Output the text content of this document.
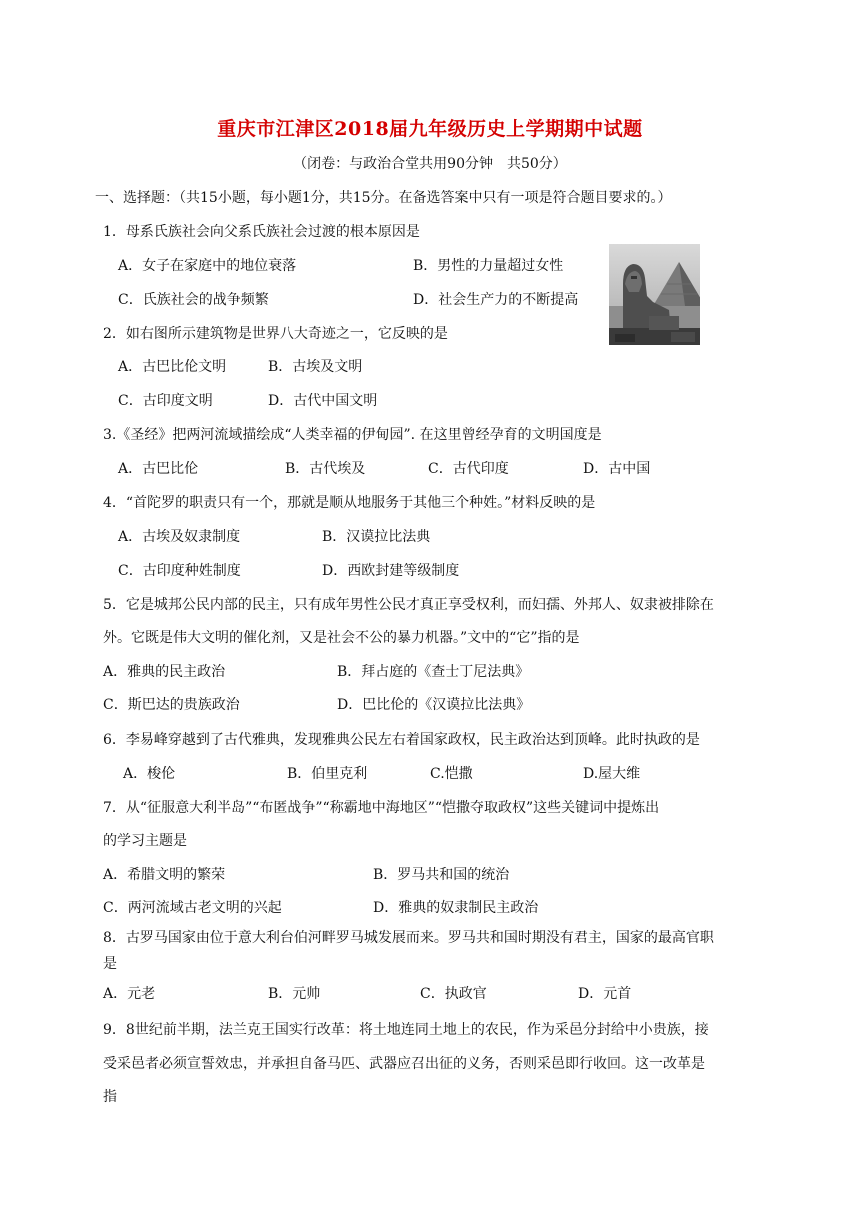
重庆市江津区2018届九年级历史上学期期中试题
（闭卷：与政治合堂共用90分钟　共50分）
一、选择题：（共15小题，每小题1分，共15分。在备选答案中只有一项是符合题目要求的。）
1．母系氏族社会向父系氏族社会过渡的根本原因是
A．女子在家庭中的地位衰落	B．男性的力量超过女性
C．氏族社会的战争频繁	D．社会生产力的不断提高
2．如右图所示建筑物是世界八大奇迹之一，它反映的是
A．古巴比伦文明	B．古埃及文明
C．古印度文明	D．古代中国文明
3.《圣经》把两河流域描绘成“人类幸福的伊甸园”. 在这里曾经孕育的文明国度是
A．古巴比伦	B．古代埃及	C．古代印度	D．古中国
4．“首陀罗的职责只有一个，那就是顺从地服务于其他三个种姓。”材料反映的是
A．古埃及奴隶制度	B．汉谟拉比法典
C．古印度种姓制度	D．西欧封建等级制度
5．它是城邦公民内部的民主，只有成年男性公民才真正享受权利，而妇孺、外邦人、奴隶被排除在
外。它既是伟大文明的催化剂，又是社会不公的暴力机器。”文中的“它”指的是
A．雅典的民主政治	B．拜占庭的《查士丁尼法典》
C．斯巴达的贵族政治	D．巴比伦的《汉谟拉比法典》
6．李易峰穿越到了古代雅典，发现雅典公民左右着国家政权，民主政治达到顶峰。此时执政的是
A．梭伦	B．伯里克利	C.恺撒	D.屋大维
7．从“征服意大利半岛”“布匿战争”“称霸地中海地区”“恺撒夺取政权”这些关键词中提炼出
的学习主题是
A．希腊文明的繁荣	B．罗马共和国的统治
C．两河流域古老文明的兴起	D．雅典的奴隶制民主政治
8．古罗马国家由位于意大利台伯河畔罗马城发展而来。罗马共和国时期没有君主，国家的最高官职
是
A．元老	B．元帅	C．执政官	D．元首
9．8世纪前半期，法兰克王国实行改革：将土地连同土地上的农民，作为采邑分封给中小贵族，接
受采邑者必须宣誓效忠，并承担自备马匹、武器应召出征的义务，否则采邑即行收回。这一改革是
指
